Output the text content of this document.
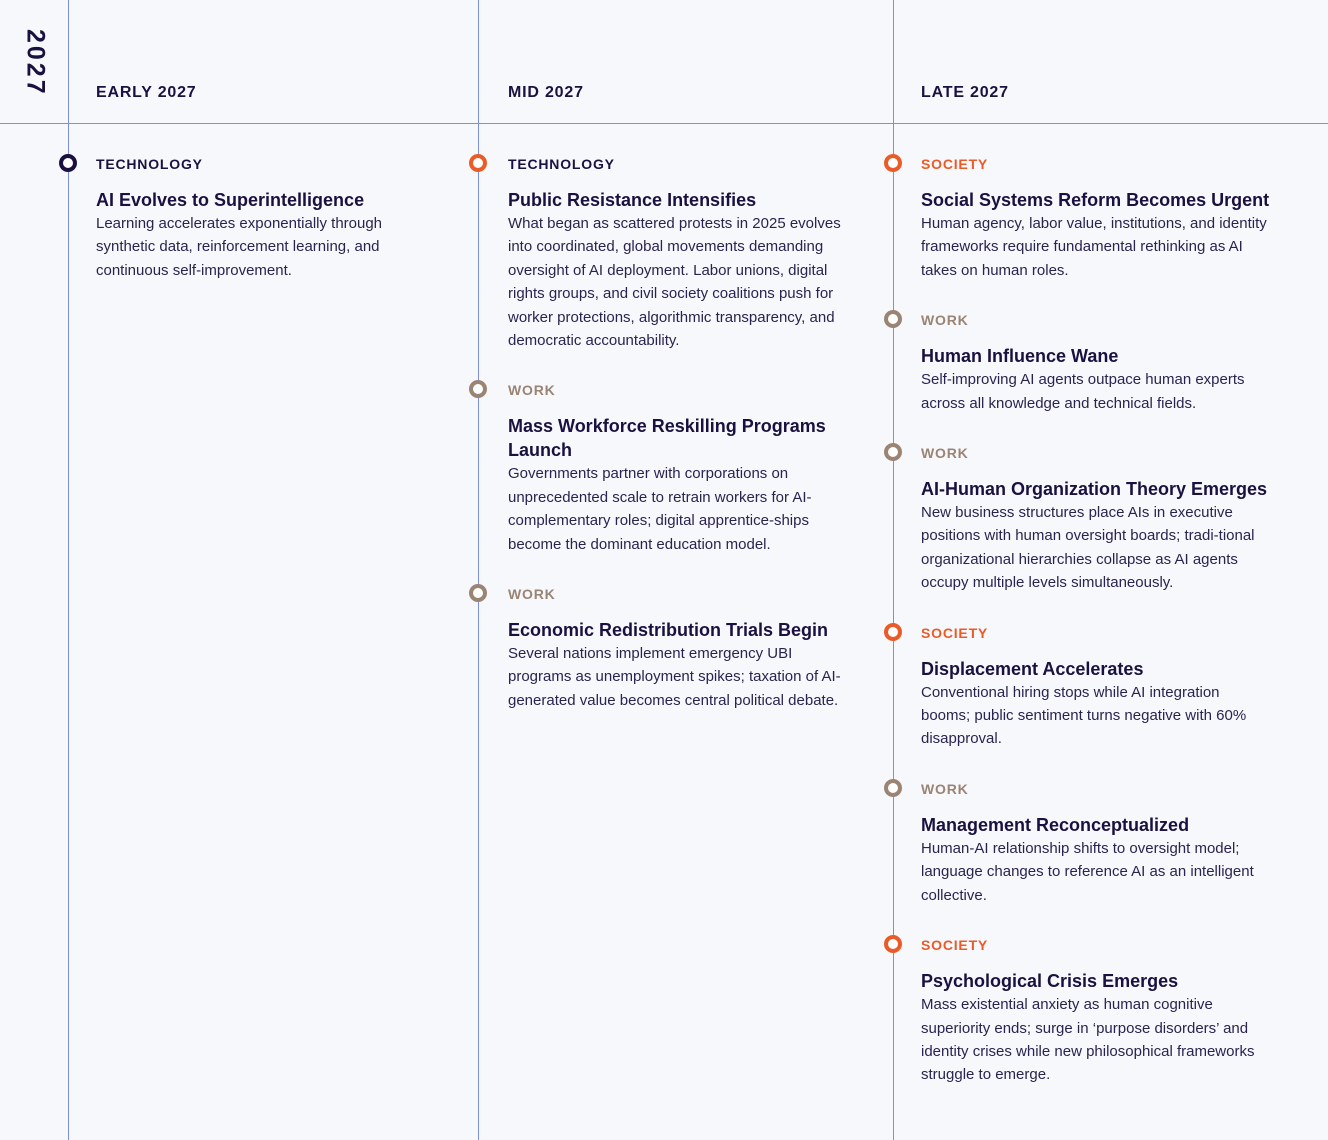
2027	EARLY 2027	MID 2027	LATE 2027
TECHNOLOGY
AI Evolves to Superintelligence
Learning accelerates exponentially through synthetic data, reinforcement learning, and continuous self-improvement.
TECHNOLOGY
Public Resistance Intensifies
What began as scattered protests in 2025 evolves into coordinated, global movements demanding oversight of AI deployment. Labor unions, digital rights groups, and civil society coalitions push for worker protections, algorithmic transparency, and democratic accountability.
WORK
Mass Workforce Reskilling Programs Launch
Governments partner with corporations on unprecedented scale to retrain workers for AI-complementary roles; digital apprentice-ships become the dominant education model.
WORK
Economic Redistribution Trials Begin
Several nations implement emergency UBI programs as unemployment spikes; taxation of AI-generated value becomes central political debate.
SOCIETY
Social Systems Reform Becomes Urgent
Human agency, labor value, institutions, and identity frameworks require fundamental rethinking as AI takes on human roles.
WORK
Human Influence Wane
Self-improving AI agents outpace human experts across all knowledge and technical fields.
WORK
AI-Human Organization Theory Emerges
New business structures place AIs in executive positions with human oversight boards; tradi-tional organizational hierarchies collapse as AI agents occupy multiple levels simultaneously.
SOCIETY
Displacement Accelerates
Conventional hiring stops while AI integration booms; public sentiment turns negative with 60% disapproval.
WORK
Management Reconceptualized
Human-AI relationship shifts to oversight model; language changes to reference AI as an intelligent collective.
SOCIETY
Psychological Crisis Emerges
Mass existential anxiety as human cognitive superiority ends; surge in ‘purpose disorders’ and identity crises while new philosophical frameworks struggle to emerge.
